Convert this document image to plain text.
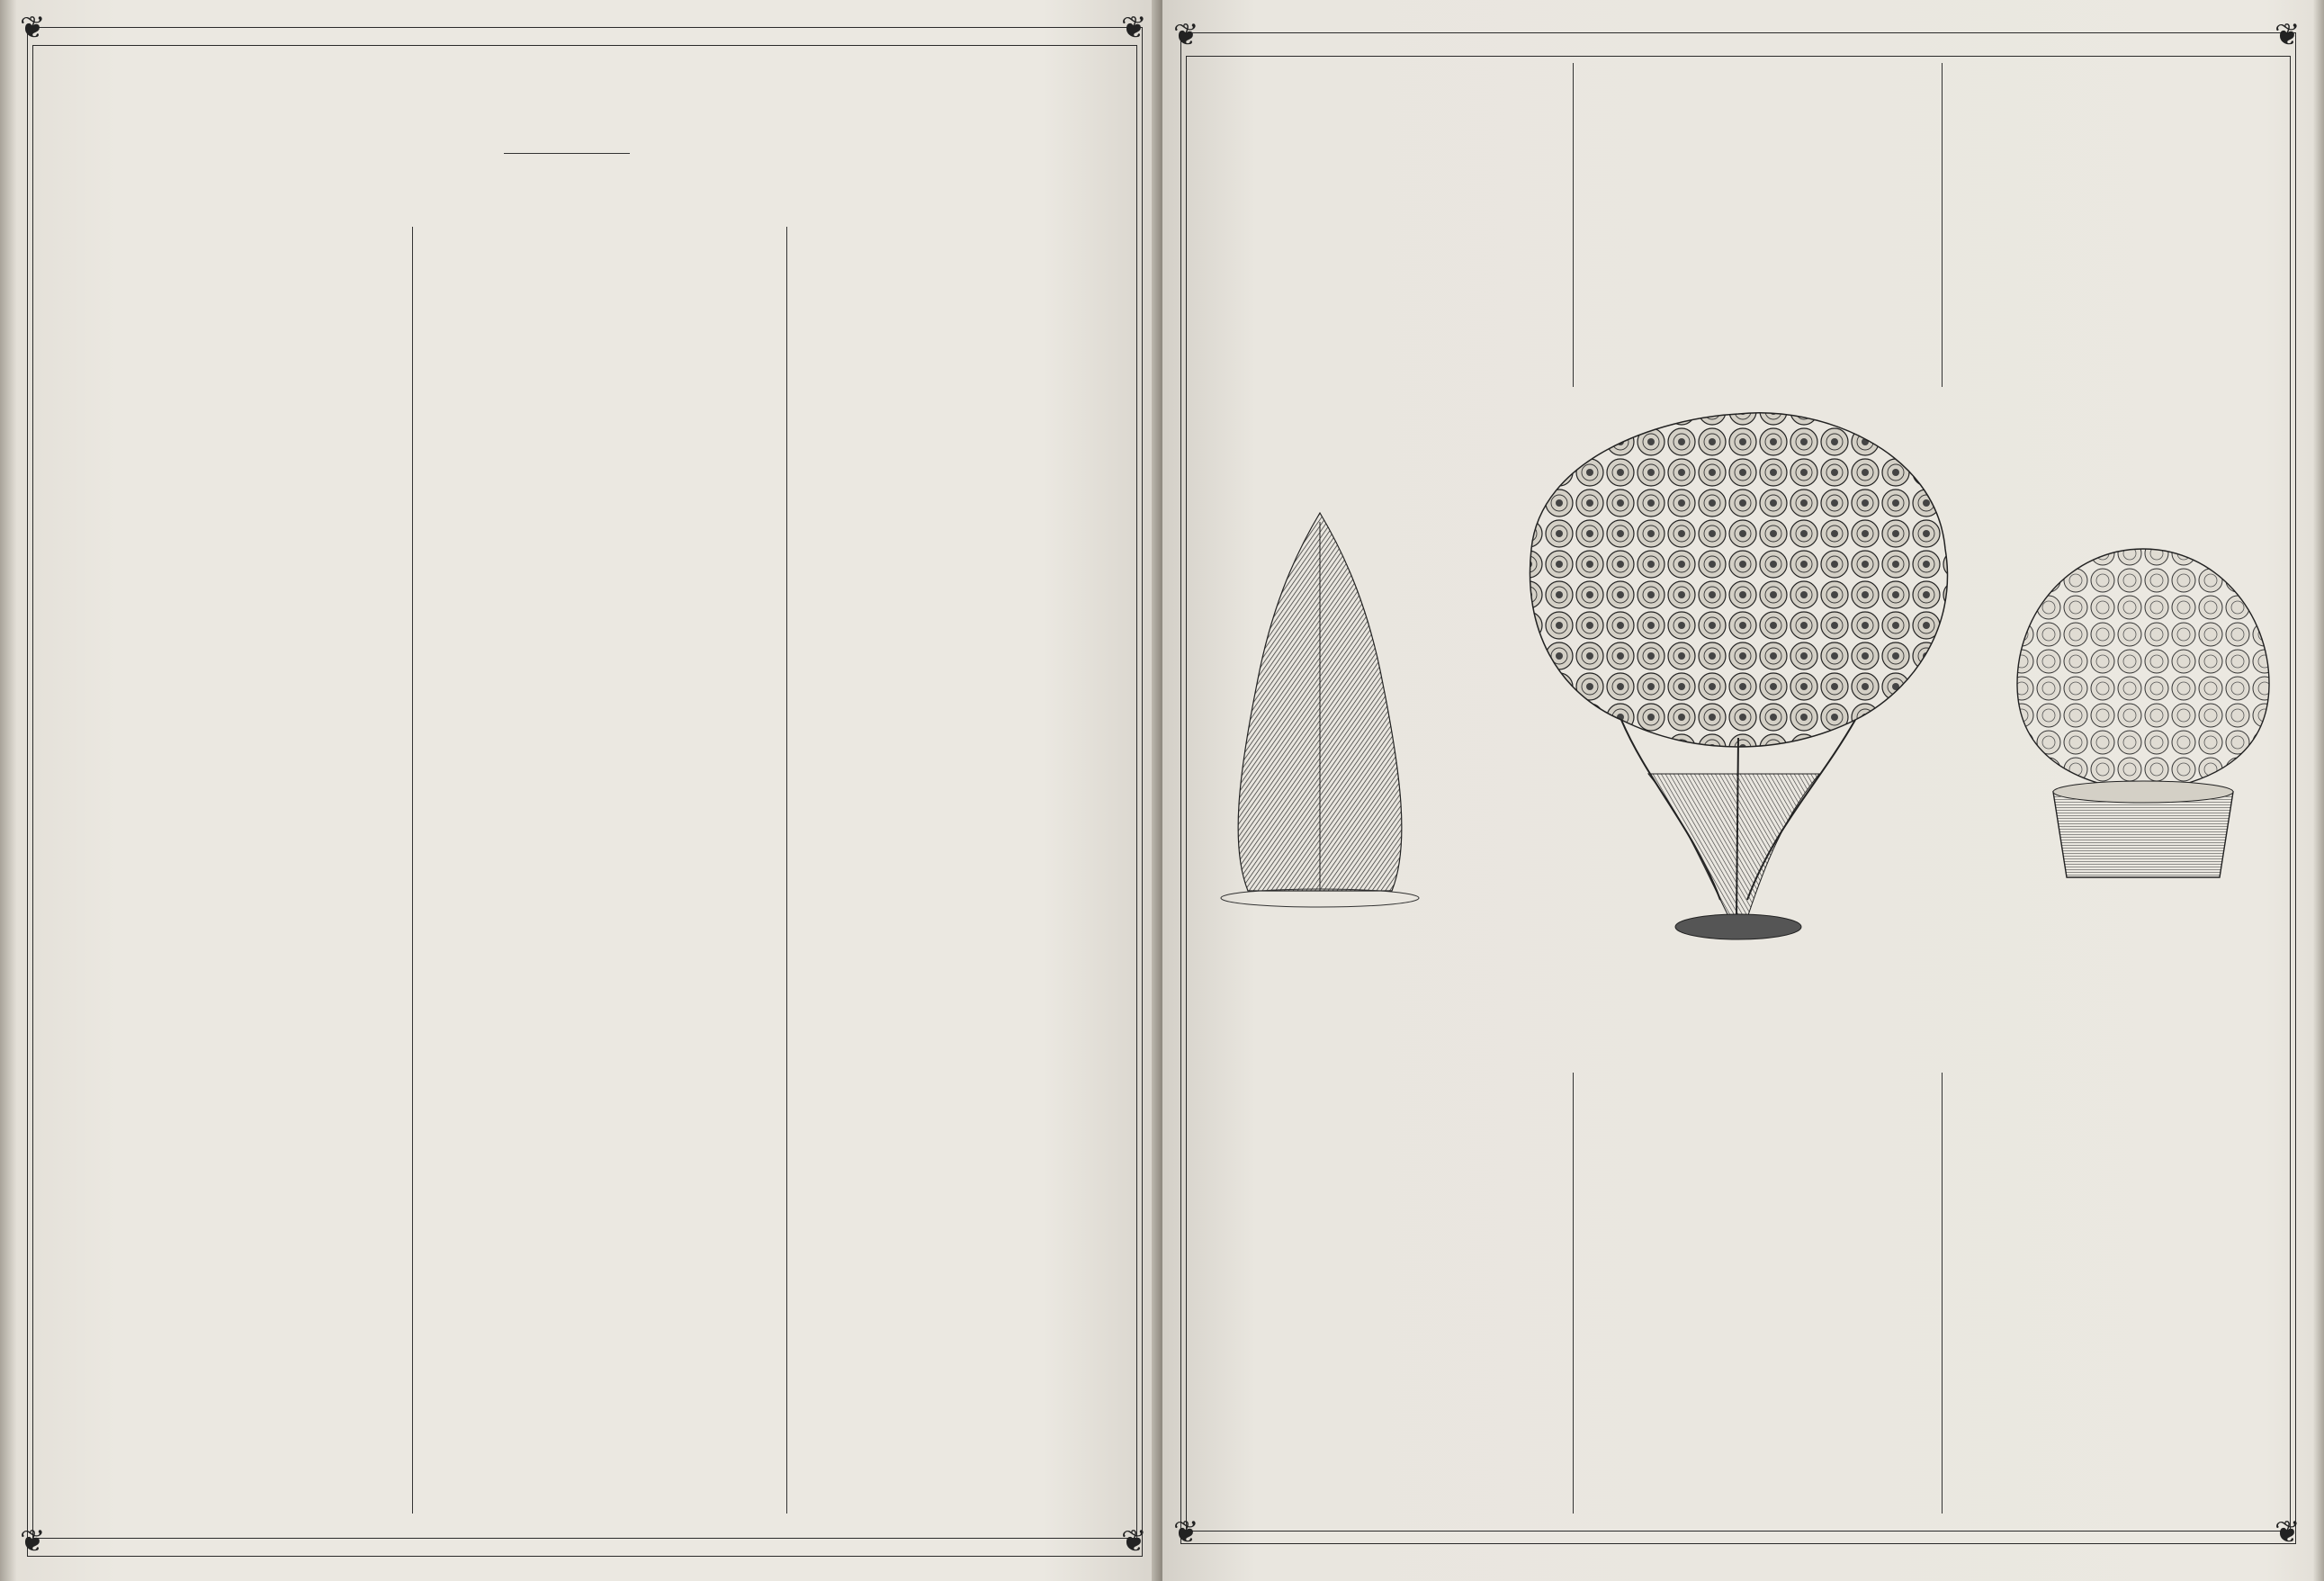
❦	❦
❦	❦
❦	❦
❦	❦
